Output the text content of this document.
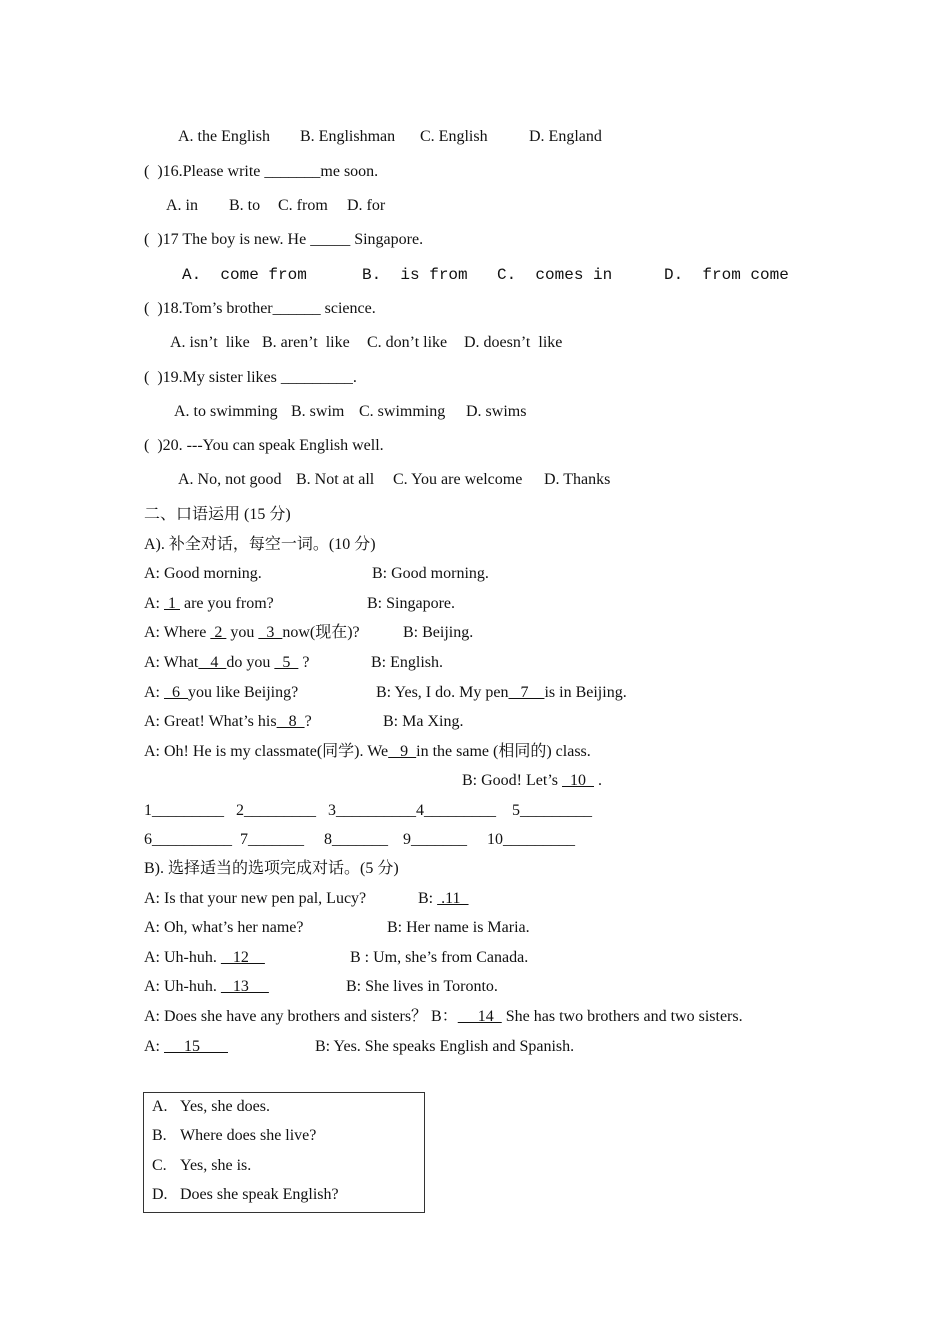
A. the English B. Englishman C. English	D. England
( )16.Please write _______me soon.
A. in B. to C. from D. for
( )17 The boy is new. He _____ Singapore.
A.  come from	B.  is from C.  comes in	D.  from come
( )18.Tom’s brother______ science.
A. isn’t  like B. aren’t  like C. don’t like D. doesn’t  like
( )19.My sister likes _________.
A. to swimming B. swim C. swimming D. swims
( )20. ---You can speak English well.
A. No, not good B. Not at all C. You are welcome D. Thanks
二、口语运用 (15 分)
A). 补全对话，每空一词。(10 分)
A: Good morning.	B: Good morning.
A:  1  are you from?	B: Singapore.
A: Where  2  you   3  now(现在)?	B: Beijing.
A: What   4  do you   5   ?	B: English.
A:   6  you like Beijing?	B: Yes, I do. My pen   7    is in Beijing.
A: Great! What’s his   8  ?	B: Ma Xing.
A: Oh! He is my classmate(同学). We   9  in the same (相同的) class.
B: Good! Let’s   10   .
1_________ 2_________ 3__________4_________ 5_________
6__________ 7_______ 8_______ 9_______ 10_________
B). 选择适当的选项完成对话。(5 分)
A: Is that your new pen pal, Lucy?	B:  .11
A: Oh, what’s her name?	B: Her name is Maria.
A: Uh-huh.    12	B : Um, she’s from Canada.
A: Uh-huh.    13	B: She lives in Toronto.
A: Does she have any brothers and sisters？ B：     14   She has two brothers and two sisters.
A:      15	B: Yes. She speaks English and Spanish.
A. Yes, she does.
B. Where does she live?
C. Yes, she is.
D. Does she speak English?
